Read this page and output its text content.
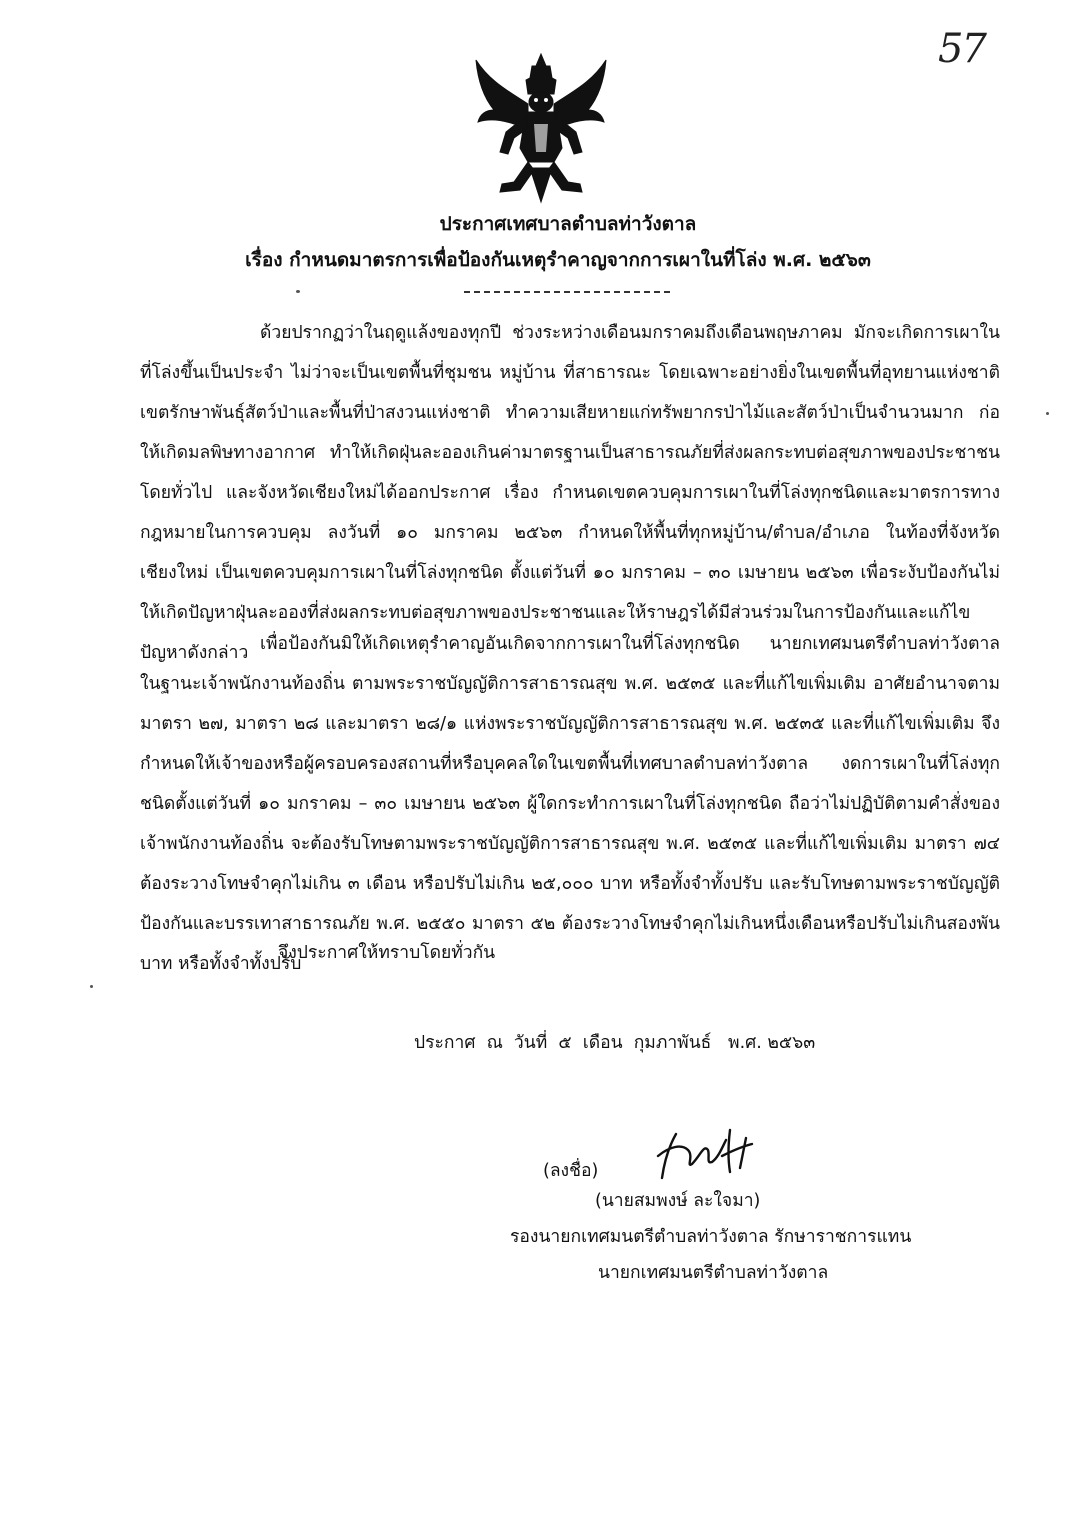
57
ประกาศเทศบาลตำบลท่าวังตาล
เรื่อง กำหนดมาตรการเพื่อป้องกันเหตุรำคาญจากการเผาในที่โล่ง พ.ศ. ๒๕๖๓
ด้วยปรากฏว่าในฤดูแล้งของทุกปี ช่วงระหว่างเดือนมกราคมถึงเดือนพฤษภาคม มักจะเกิดการเผาในที่โล่งขึ้นเป็นประจำ ไม่ว่าจะเป็นเขตพื้นที่ชุมชน หมู่บ้าน ที่สาธารณะ โดยเฉพาะอย่างยิ่งในเขตพื้นที่อุทยานแห่งชาติ เขตรักษาพันธุ์สัตว์ป่าและพื้นที่ป่าสงวนแห่งชาติ ทำความเสียหายแก่ทรัพยากรป่าไม้และสัตว์ป่าเป็นจำนวนมาก ก่อให้เกิดมลพิษทางอากาศ ทำให้เกิดฝุ่นละอองเกินค่ามาตรฐานเป็นสาธารณภัยที่ส่งผลกระทบต่อสุขภาพของประชาชนโดยทั่วไป และจังหวัดเชียงใหม่ได้ออกประกาศ เรื่อง กำหนดเขตควบคุมการเผาในที่โล่งทุกชนิดและมาตรการทางกฎหมายในการควบคุม ลงวันที่ ๑๐ มกราคม ๒๕๖๓ กำหนดให้พื้นที่ทุกหมู่บ้าน/ตำบล/อำเภอ ในท้องที่จังหวัดเชียงใหม่ เป็นเขตควบคุมการเผาในที่โล่งทุกชนิด ตั้งแต่วันที่ ๑๐ มกราคม – ๓๐ เมษายน ๒๕๖๓ เพื่อระงับป้องกันไม่ให้เกิดปัญหาฝุ่นละอองที่ส่งผลกระทบต่อสุขภาพของประชาชนและให้ราษฎรได้มีส่วนร่วมในการป้องกันและแก้ไขปัญหาดังกล่าว เพื่อป้องกันมิให้เกิดเหตุรำคาญอันเกิดจากการเผาในที่โล่งทุกชนิด นายกเทศมนตรีตำบลท่าวังตาล ในฐานะเจ้าพนักงานท้องถิ่น ตามพระราชบัญญัติการสาธารณสุข พ.ศ. ๒๕๓๕ และที่แก้ไขเพิ่มเติม อาศัยอำนาจตามมาตรา ๒๗, มาตรา ๒๘ และมาตรา ๒๘/๑ แห่งพระราชบัญญัติการสาธารณสุข พ.ศ. ๒๕๓๕ และที่แก้ไขเพิ่มเติม จึงกำหนดให้เจ้าของหรือผู้ครอบครองสถานที่หรือบุคคลใดในเขตพื้นที่เทศบาลตำบลท่าวังตาล งดการเผาในที่โล่งทุกชนิดตั้งแต่วันที่ ๑๐ มกราคม – ๓๐ เมษายน ๒๕๖๓ ผู้ใดกระทำการเผาในที่โล่งทุกชนิด ถือว่าไม่ปฏิบัติตามคำสั่งของเจ้าพนักงานท้องถิ่น จะต้องรับโทษตามพระราชบัญญัติการสาธารณสุข พ.ศ. ๒๕๓๕ และที่แก้ไขเพิ่มเติม มาตรา ๗๔ ต้องระวางโทษจำคุกไม่เกิน ๓ เดือน หรือปรับไม่เกิน ๒๕,๐๐๐ บาท หรือทั้งจำทั้งปรับ และรับโทษตามพระราชบัญญัติป้องกันและบรรเทาสาธารณภัย พ.ศ. ๒๕๕๐ มาตรา ๕๒ ต้องระวางโทษจำคุกไม่เกินหนึ่งเดือนหรือปรับไม่เกินสองพันบาท หรือทั้งจำทั้งปรับ
จึงประกาศให้ทราบโดยทั่วกัน
ประกาศ  ณ  วันที่  ๕  เดือน  กุมภาพันธ์   พ.ศ. ๒๕๖๓
(ลงชื่อ)
(นายสมพงษ์ ละใจมา)
รองนายกเทศมนตรีตำบลท่าวังตาล รักษาราชการแทน
นายกเทศมนตรีตำบลท่าวังตาล
